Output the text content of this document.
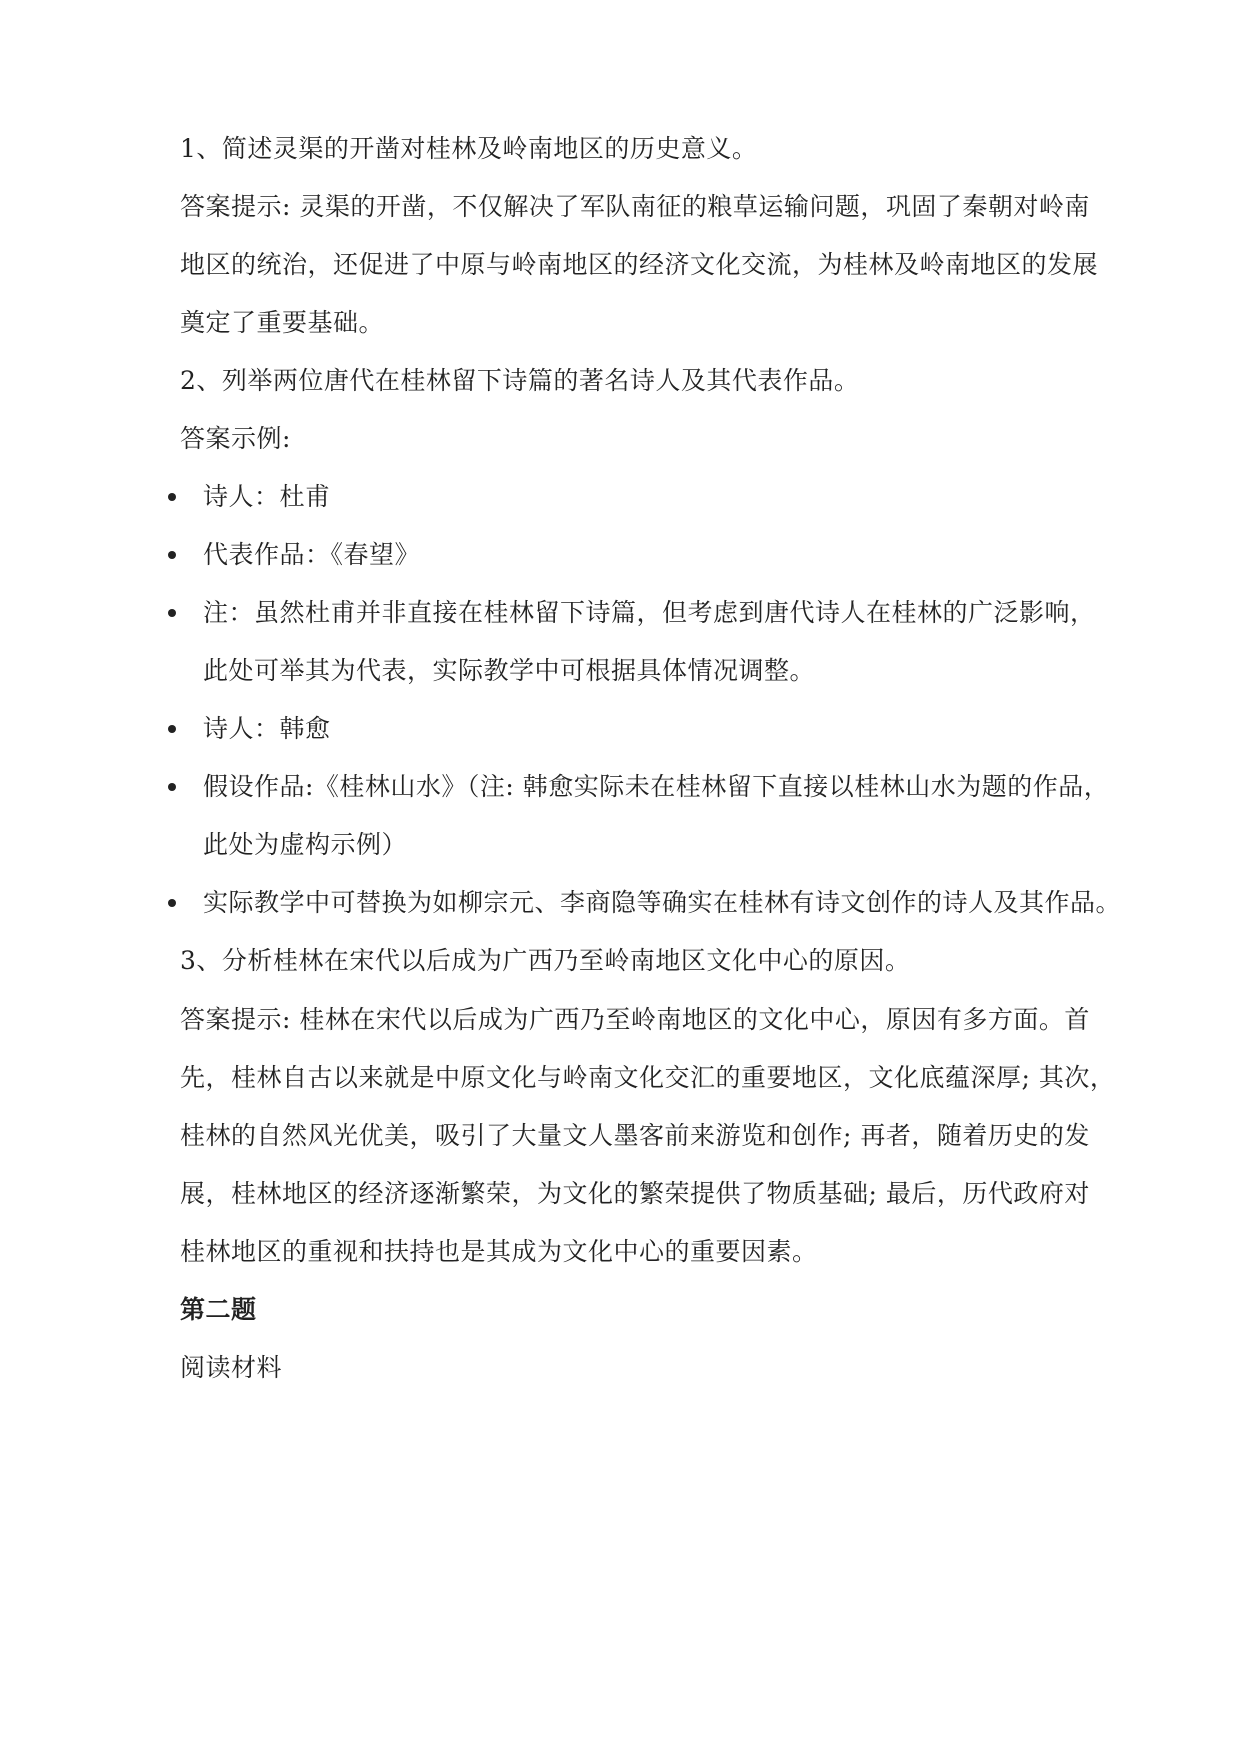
1、简述灵渠的开凿对桂林及岭南地区的历史意义。
答案提示: 灵渠的开凿，不仅解决了军队南征的粮草运输问题，巩固了秦朝对岭南
地区的统治，还促进了中原与岭南地区的经济文化交流，为桂林及岭南地区的发展
奠定了重要基础。
2、列举两位唐代在桂林留下诗篇的著名诗人及其代表作品。
答案示例:
诗人：杜甫
代表作品：《春望》
注：虽然杜甫并非直接在桂林留下诗篇，但考虑到唐代诗人在桂林的广泛影响，
此处可举其为代表，实际教学中可根据具体情况调整。
诗人：韩愈
假设作品:《桂林山水》（注: 韩愈实际未在桂林留下直接以桂林山水为题的作品，
此处为虚构示例）
实际教学中可替换为如柳宗元、李商隐等确实在桂林有诗文创作的诗人及其作品。
3、分析桂林在宋代以后成为广西乃至岭南地区文化中心的原因。
答案提示: 桂林在宋代以后成为广西乃至岭南地区的文化中心，原因有多方面。首
先，桂林自古以来就是中原文化与岭南文化交汇的重要地区，文化底蕴深厚; 其次，
桂林的自然风光优美，吸引了大量文人墨客前来游览和创作; 再者，随着历史的发
展，桂林地区的经济逐渐繁荣，为文化的繁荣提供了物质基础; 最后，历代政府对
桂林地区的重视和扶持也是其成为文化中心的重要因素。
第二题
阅读材料
